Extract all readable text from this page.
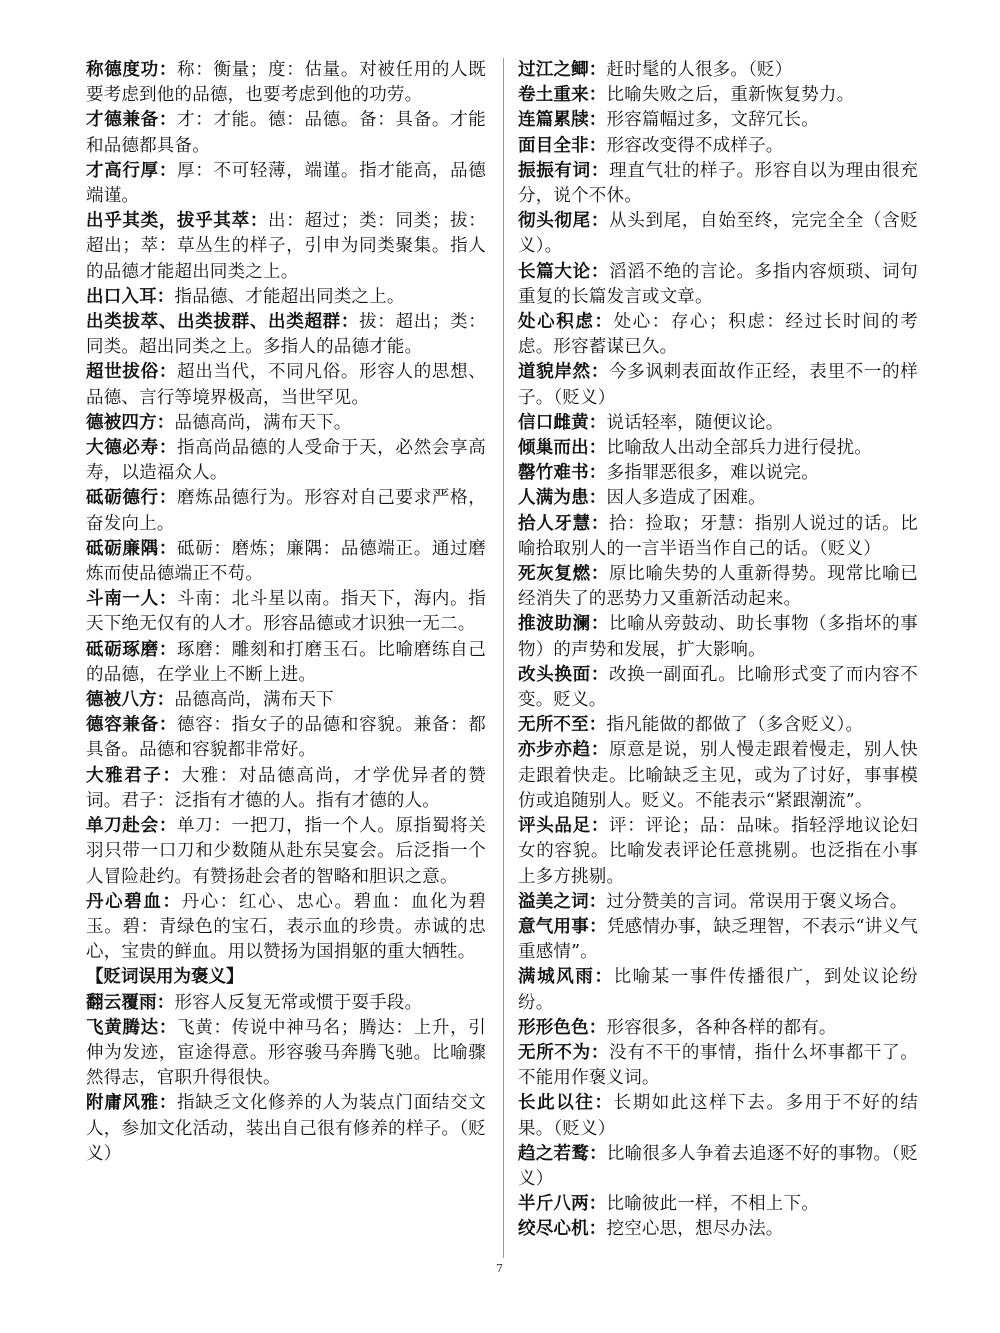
称德度功：称：衡量；度：估量。对被任用的人既要考虑到他的品德，也要考虑到他的功劳。

才德兼备：才：才能。德：品德。备：具备。才能和品德都具备。

才高行厚：厚：不可轻薄，端谨。指才能高，品德端谨。

出乎其类，拔乎其萃：出：超过；类：同类；拔：超出；萃：草丛生的样子，引申为同类聚集。指人的品德才能超出同类之上。

出口入耳：指品德、才能超出同类之上。

出类拔萃、出类拔群、出类超群：拔：超出；类：同类。超出同类之上。多指人的品德才能。

超世拔俗：超出当代，不同凡俗。形容人的思想、品德、言行等境界极高，当世罕见。

德被四方：品德高尚，满布天下。

大德必寿：指高尚品德的人受命于天，必然会享高寿，以造福众人。

砥砺德行：磨炼品德行为。形容对自己要求严格，奋发向上。

砥砺廉隅：砥砺：磨炼；廉隅：品德端正。通过磨炼而使品德端正不苟。

斗南一人：斗南：北斗星以南。指天下，海内。指天下绝无仅有的人才。形容品德或才识独一无二。

砥砺琢磨：琢磨：雕刻和打磨玉石。比喻磨练自己的品德，在学业上不断上进。

德被八方：品德高尚，满布天下

德容兼备：德容：指女子的品德和容貌。兼备：都具备。品德和容貌都非常好。

大雅君子：大雅：对品德高尚，才学优异者的赞词。君子：泛指有才德的人。指有才德的人。

单刀赴会：单刀：一把刀，指一个人。原指蜀将关羽只带一口刀和少数随从赴东吴宴会。后泛指一个人冒险赴约。有赞扬赴会者的智略和胆识之意。

丹心碧血：丹心：红心、忠心。碧血：血化为碧玉。碧：青绿色的宝石，表示血的珍贵。赤诚的忠心，宝贵的鲜血。用以赞扬为国捐躯的重大牺牲。

【贬词误用为褒义】

翻云覆雨：形容人反复无常或惯于耍手段。

飞黄腾达：飞黄：传说中神马名；腾达：上升，引伸为发迹，宦途得意。形容骏马奔腾飞驰。比喻骤然得志，官职升得很快。

附庸风雅：指缺乏文化修养的人为装点门面结交文人，参加文化活动，装出自己很有修养的样子。（贬义）

过江之鲫：赶时髦的人很多。（贬）

卷土重来：比喻失败之后，重新恢复势力。

连篇累牍：形容篇幅过多，文辞冗长。

面目全非：形容改变得不成样子。

振振有词：理直气壮的样子。形容自以为理由很充分，说个不休。

彻头彻尾：从头到尾，自始至终，完完全全（含贬义）。

长篇大论：滔滔不绝的言论。多指内容烦琐、词句重复的长篇发言或文章。

处心积虑：处心：存心；积虑：经过长时间的考虑。形容蓄谋已久。

道貌岸然：今多讽刺表面故作正经，表里不一的样子。（贬义）

信口雌黄：说话轻率，随便议论。

倾巢而出：比喻敌人出动全部兵力进行侵扰。

罄竹难书：多指罪恶很多，难以说完。

人满为患：因人多造成了困难。

拾人牙慧：拾：捡取；牙慧：指别人说过的话。比喻拾取别人的一言半语当作自己的话。（贬义）

死灰复燃：原比喻失势的人重新得势。现常比喻已经消失了的恶势力又重新活动起来。

推波助澜：比喻从旁鼓动、助长事物（多指坏的事物）的声势和发展，扩大影响。

改头换面：改换一副面孔。比喻形式变了而内容不变。贬义。

无所不至：指凡能做的都做了（多含贬义）。

亦步亦趋：原意是说，别人慢走跟着慢走，别人快走跟着快走。比喻缺乏主见，或为了讨好，事事模仿或追随别人。贬义。不能表示“紧跟潮流”。

评头品足：评：评论；品：品味。指轻浮地议论妇女的容貌。比喻发表评论任意挑剔。也泛指在小事上多方挑剔。

溢美之词：过分赞美的言词。常误用于褒义场合。

意气用事：凭感情办事，缺乏理智，不表示“讲义气重感情”。

满城风雨：比喻某一事件传播很广，到处议论纷纷。

形形色色：形容很多，各种各样的都有。

无所不为：没有不干的事情，指什么坏事都干了。不能用作褒义词。

长此以往：长期如此这样下去。多用于不好的结果。（贬义）

趋之若鹜：比喻很多人争着去追逐不好的事物。（贬义）

半斤八两：比喻彼此一样，不相上下。

绞尽心机：挖空心思，想尽办法。

7
